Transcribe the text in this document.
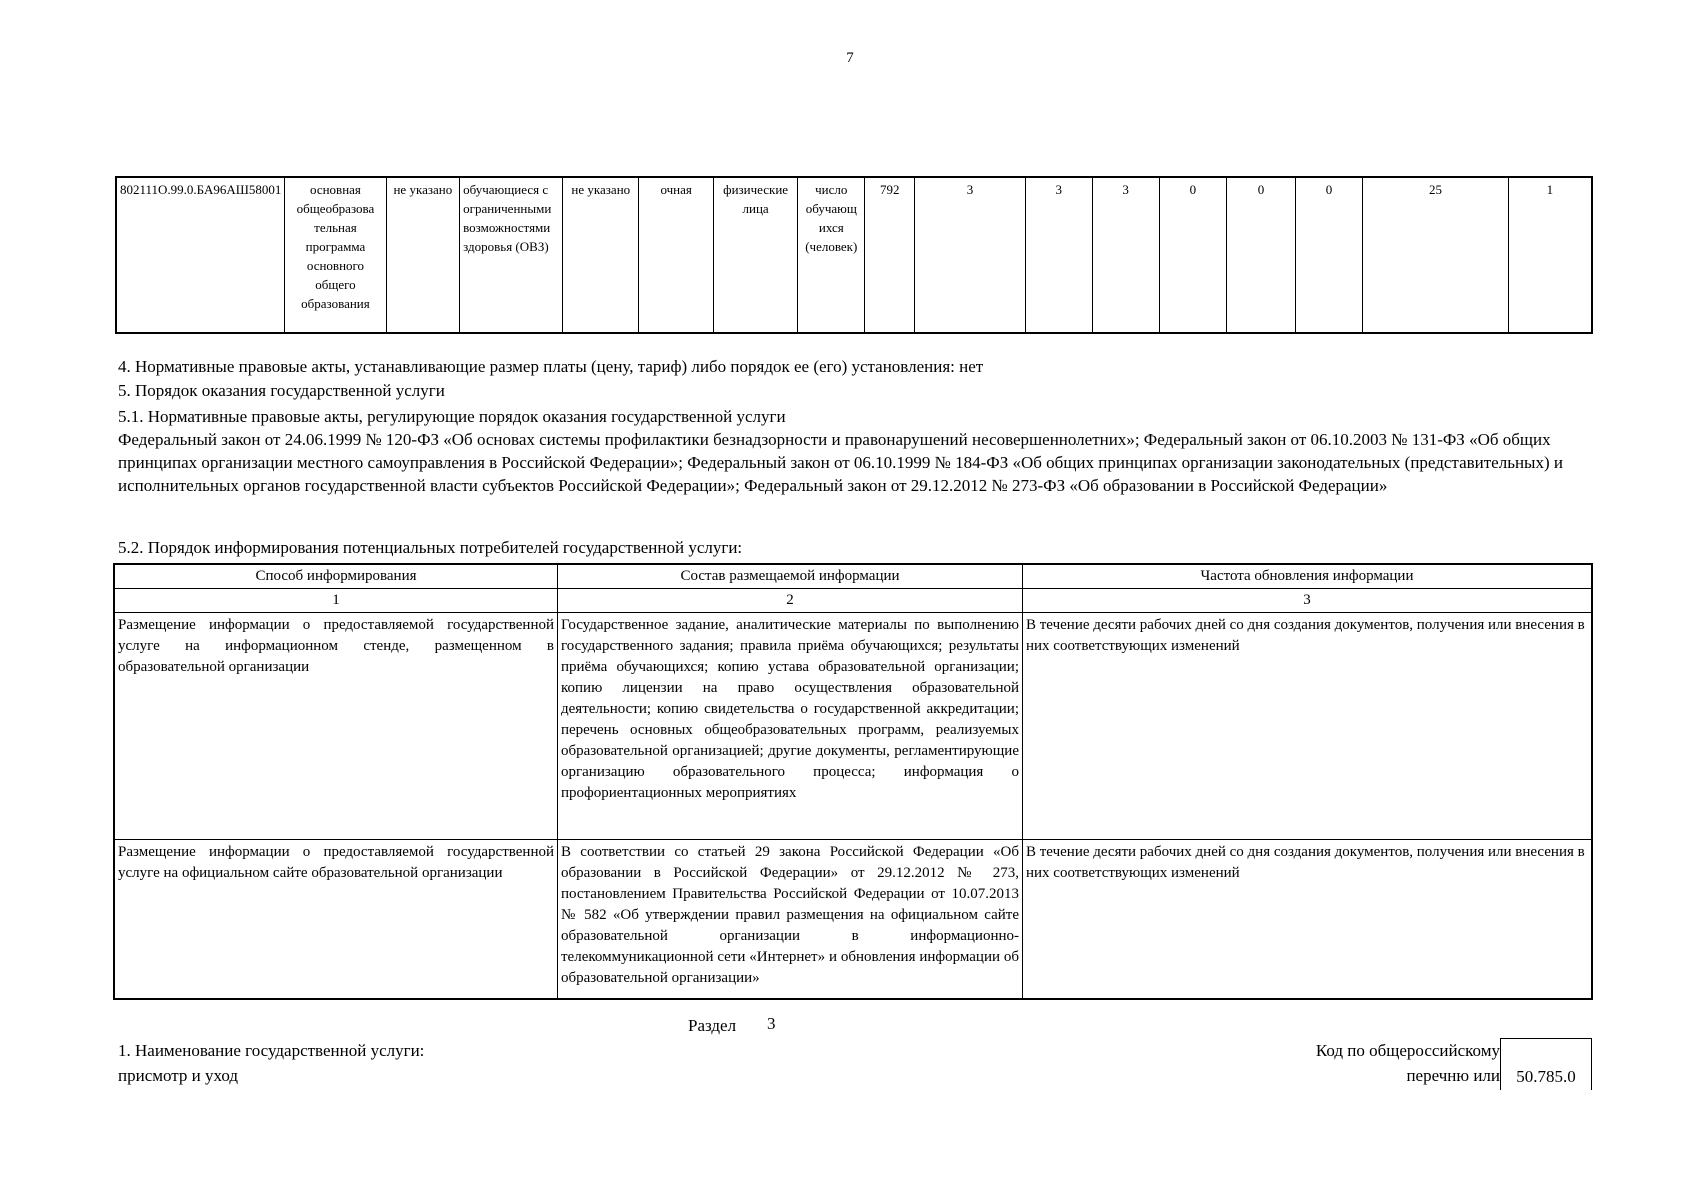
7
802111О.99.0.БА96АШ58001	основная общеобразова тельная программа основного общего образования	не указано	обучающиеся с ограниченными возможностями здоровья (ОВЗ)	не указано	очная	физические лица	число обучающ ихся (человек)	792	3	3	3	0	0	0	25	1
4. Нормативные правовые акты, устанавливающие размер платы (цену, тариф) либо порядок ее (его) установления: нет
5. Порядок оказания государственной услуги
5.1. Нормативные правовые акты, регулирующие порядок оказания государственной услуги
Федеральный закон от 24.06.1999 № 120-ФЗ «Об основах системы профилактики безнадзорности и правонарушений несовершеннолетних»; Федеральный закон от 06.10.2003 № 131-ФЗ «Об общих принципах организации местного самоуправления в Российской Федерации»; Федеральный закон от 06.10.1999 № 184-ФЗ «Об общих принципах организации законодательных (представительных) и исполнительных органов государственной власти субъектов Российской Федерации»; Федеральный закон от 29.12.2012 № 273-ФЗ «Об образовании в Российской Федерации»
5.2. Порядок информирования потенциальных потребителей государственной услуги:
Способ информирования	Состав размещаемой информации	Частота обновления информации
1	2	3
Размещение информации о предоставляемой государственной услуге на информационном стенде, размещенном в образовательной организации	Государственное задание, аналитические материалы по выполнению государственного задания; правила приёма обучающихся; результаты приёма обучающихся; копию устава образовательной организации; копию лицензии на право осуществления образовательной деятельности; копию свидетельства о государственной аккредитации; перечень основных общеобразовательных программ, реализуемых образовательной организацией; другие документы, регламентирующие организацию образовательного процесса; информация о профориентационных мероприятиях	В течение десяти рабочих дней со дня создания документов, получения или внесения в них соответствующих изменений
Размещение информации о предоставляемой государственной услуге на официальном сайте образовательной организации	В соответствии со статьей 29 закона Российской Федерации «Об образовании в Российской Федерации» от 29.12.2012 № 273, постановлением Правительства Российской Федерации от 10.07.2013 № 582 «Об утверждении правил размещения на официальном сайте образовательной организации в информационно-телекоммуникационной сети «Интернет» и обновления информации об образовательной организации»	В течение десяти рабочих дней со дня создания документов, получения или внесения в них соответствующих изменений
Раздел 3
1. Наименование государственной услуги:
присмотр и уход
Код по общероссийскому
перечню или 50.785.0
